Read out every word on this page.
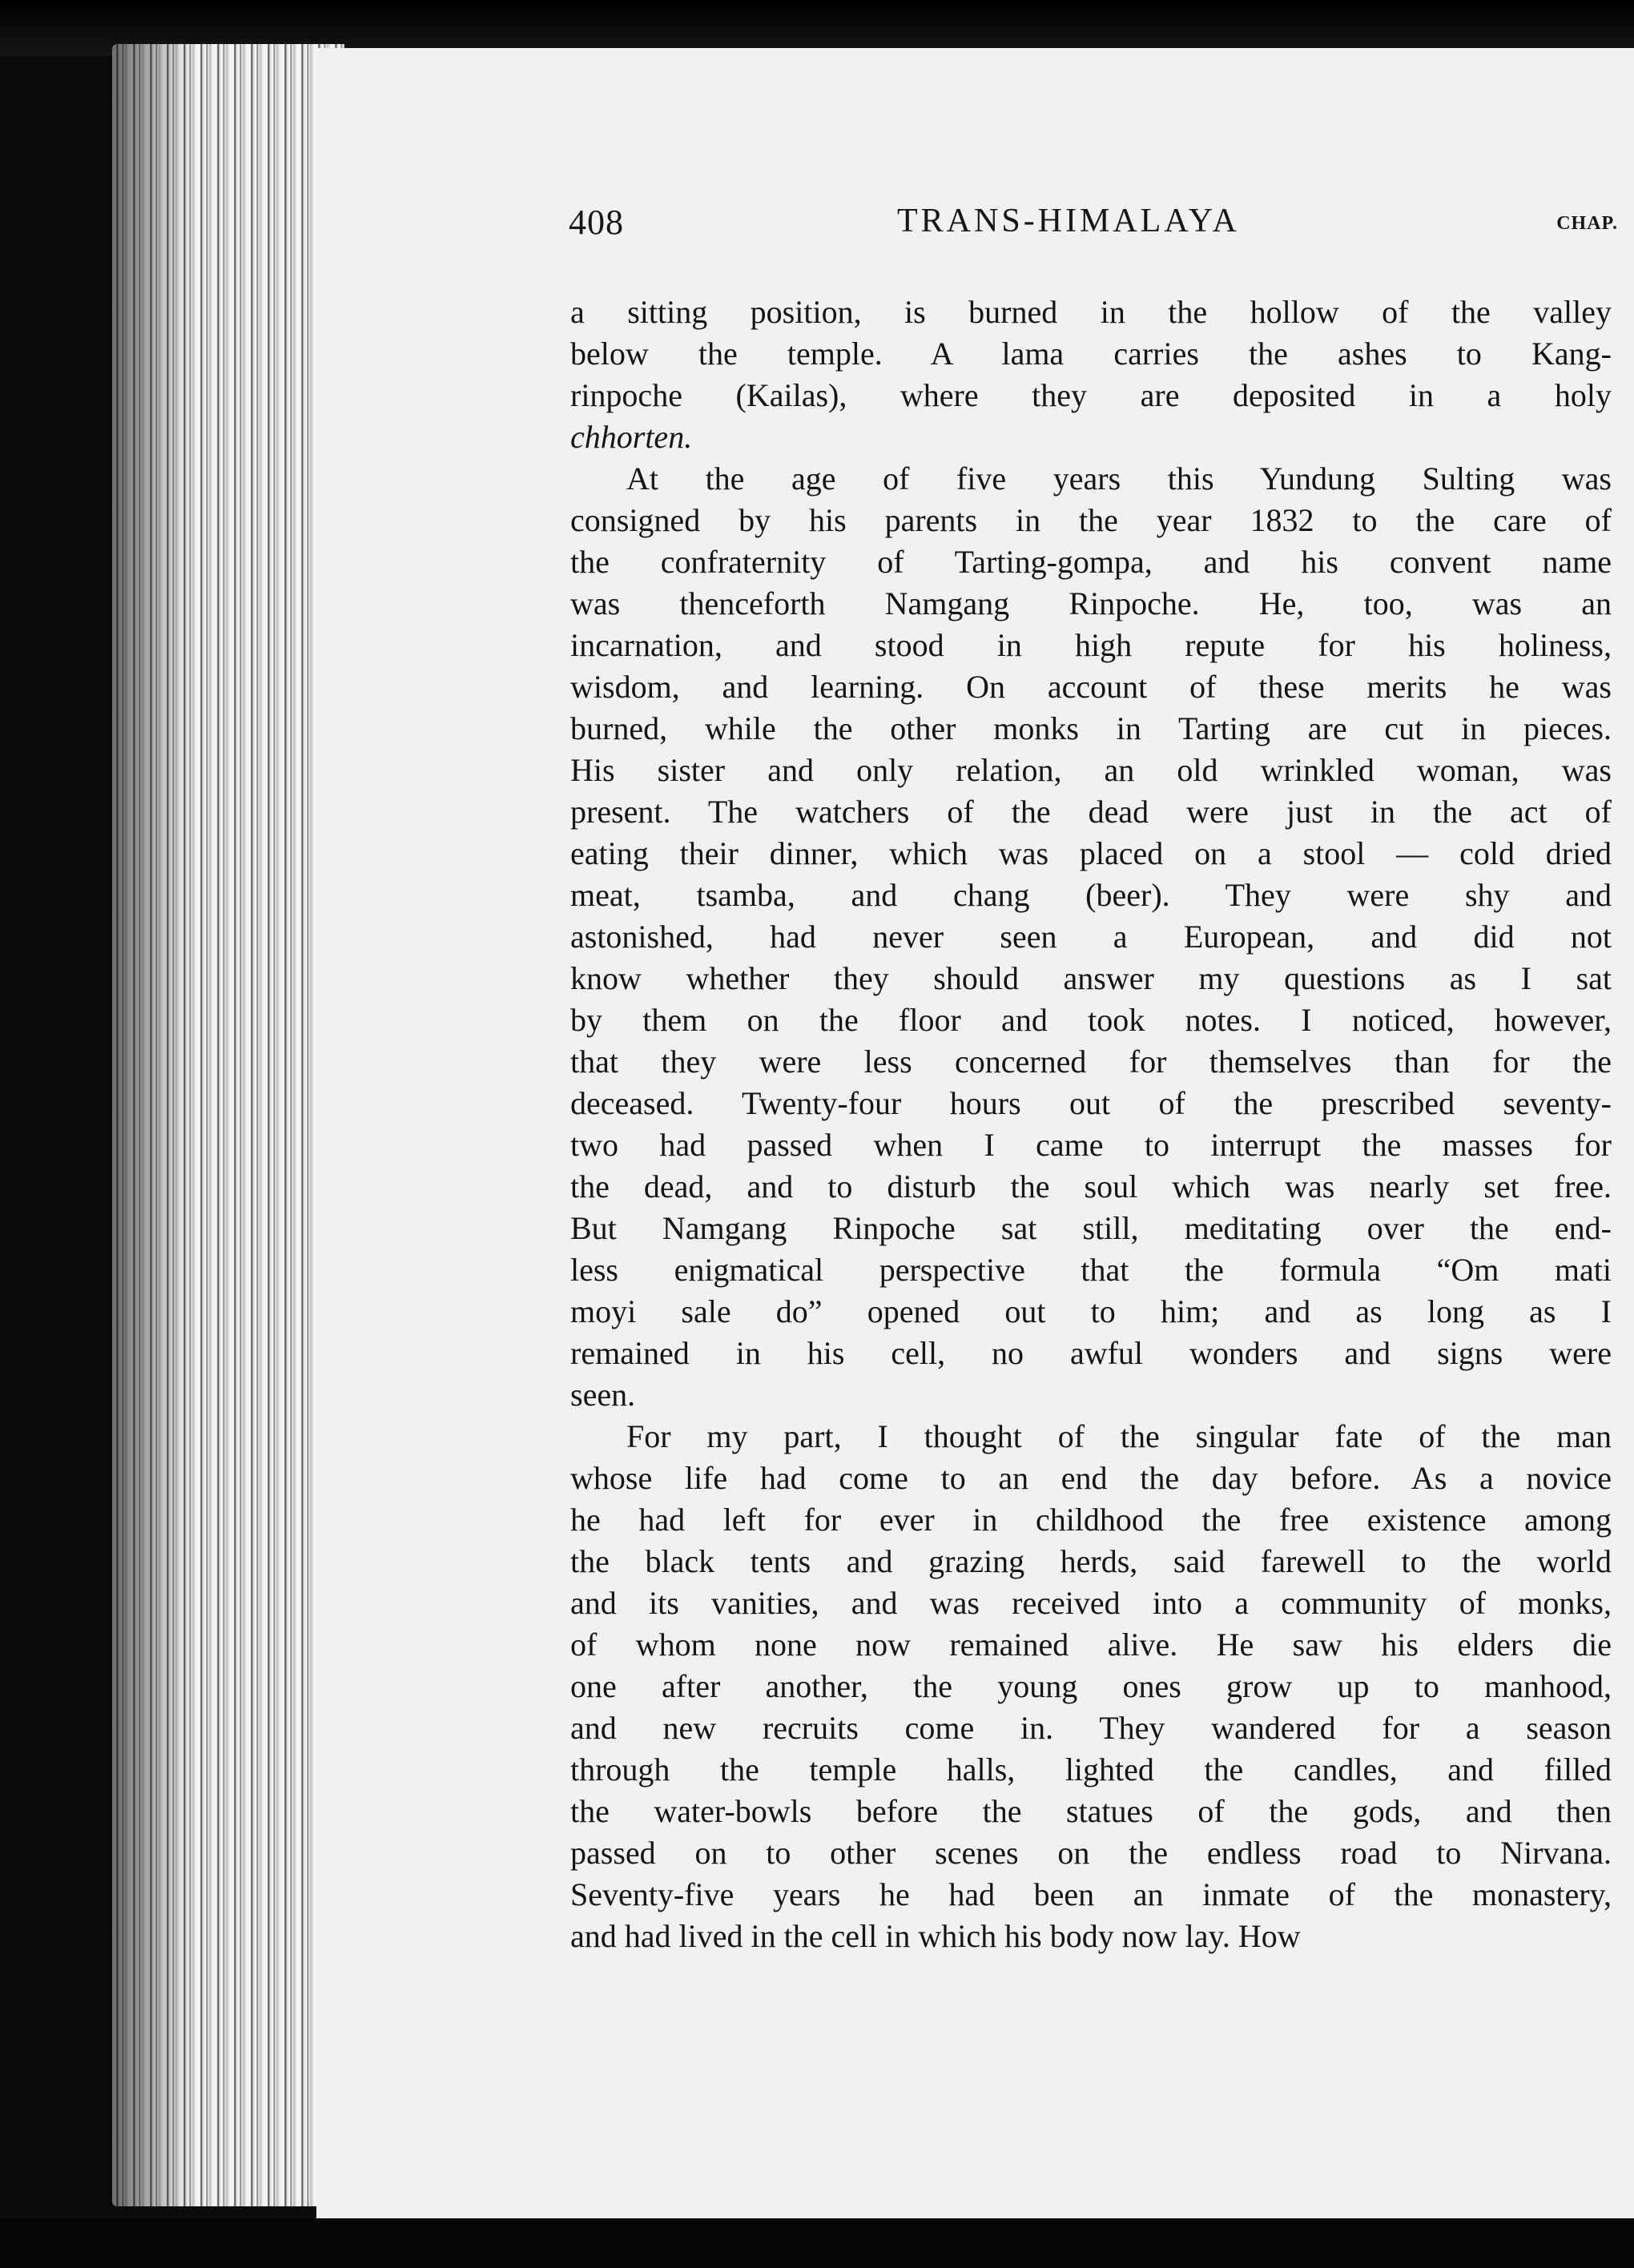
408	TRANS-HIMALAYA	CHAP.
a sitting position, is burned in the hollow of the valley
below the temple. A lama carries the ashes to Kang-
rinpoche (Kailas), where they are deposited in a holy
chhorten.
At the age of five years this Yundung Sulting was
consigned by his parents in the year 1832 to the care of
the confraternity of Tarting-gompa, and his convent name
was thenceforth Namgang Rinpoche. He, too, was an
incarnation, and stood in high repute for his holiness,
wisdom, and learning. On account of these merits he was
burned, while the other monks in Tarting are cut in pieces.
His sister and only relation, an old wrinkled woman, was
present. The watchers of the dead were just in the act of
eating their dinner, which was placed on a stool — cold dried
meat, tsamba, and chang (beer). They were shy and
astonished, had never seen a European, and did not
know whether they should answer my questions as I sat
by them on the floor and took notes. I noticed, however,
that they were less concerned for themselves than for the
deceased. Twenty-four hours out of the prescribed seventy-
two had passed when I came to interrupt the masses for
the dead, and to disturb the soul which was nearly set free.
But Namgang Rinpoche sat still, meditating over the end-
less enigmatical perspective that the formula “Om mati
moyi sale do” opened out to him; and as long as I
remained in his cell, no awful wonders and signs were
seen.
For my part, I thought of the singular fate of the man
whose life had come to an end the day before. As a novice
he had left for ever in childhood the free existence among
the black tents and grazing herds, said farewell to the world
and its vanities, and was received into a community of monks,
of whom none now remained alive. He saw his elders die
one after another, the young ones grow up to manhood,
and new recruits come in. They wandered for a season
through the temple halls, lighted the candles, and filled
the water-bowls before the statues of the gods, and then
passed on to other scenes on the endless road to Nirvana.
Seventy-five years he had been an inmate of the monastery,
and had lived in the cell in which his body now lay. How
